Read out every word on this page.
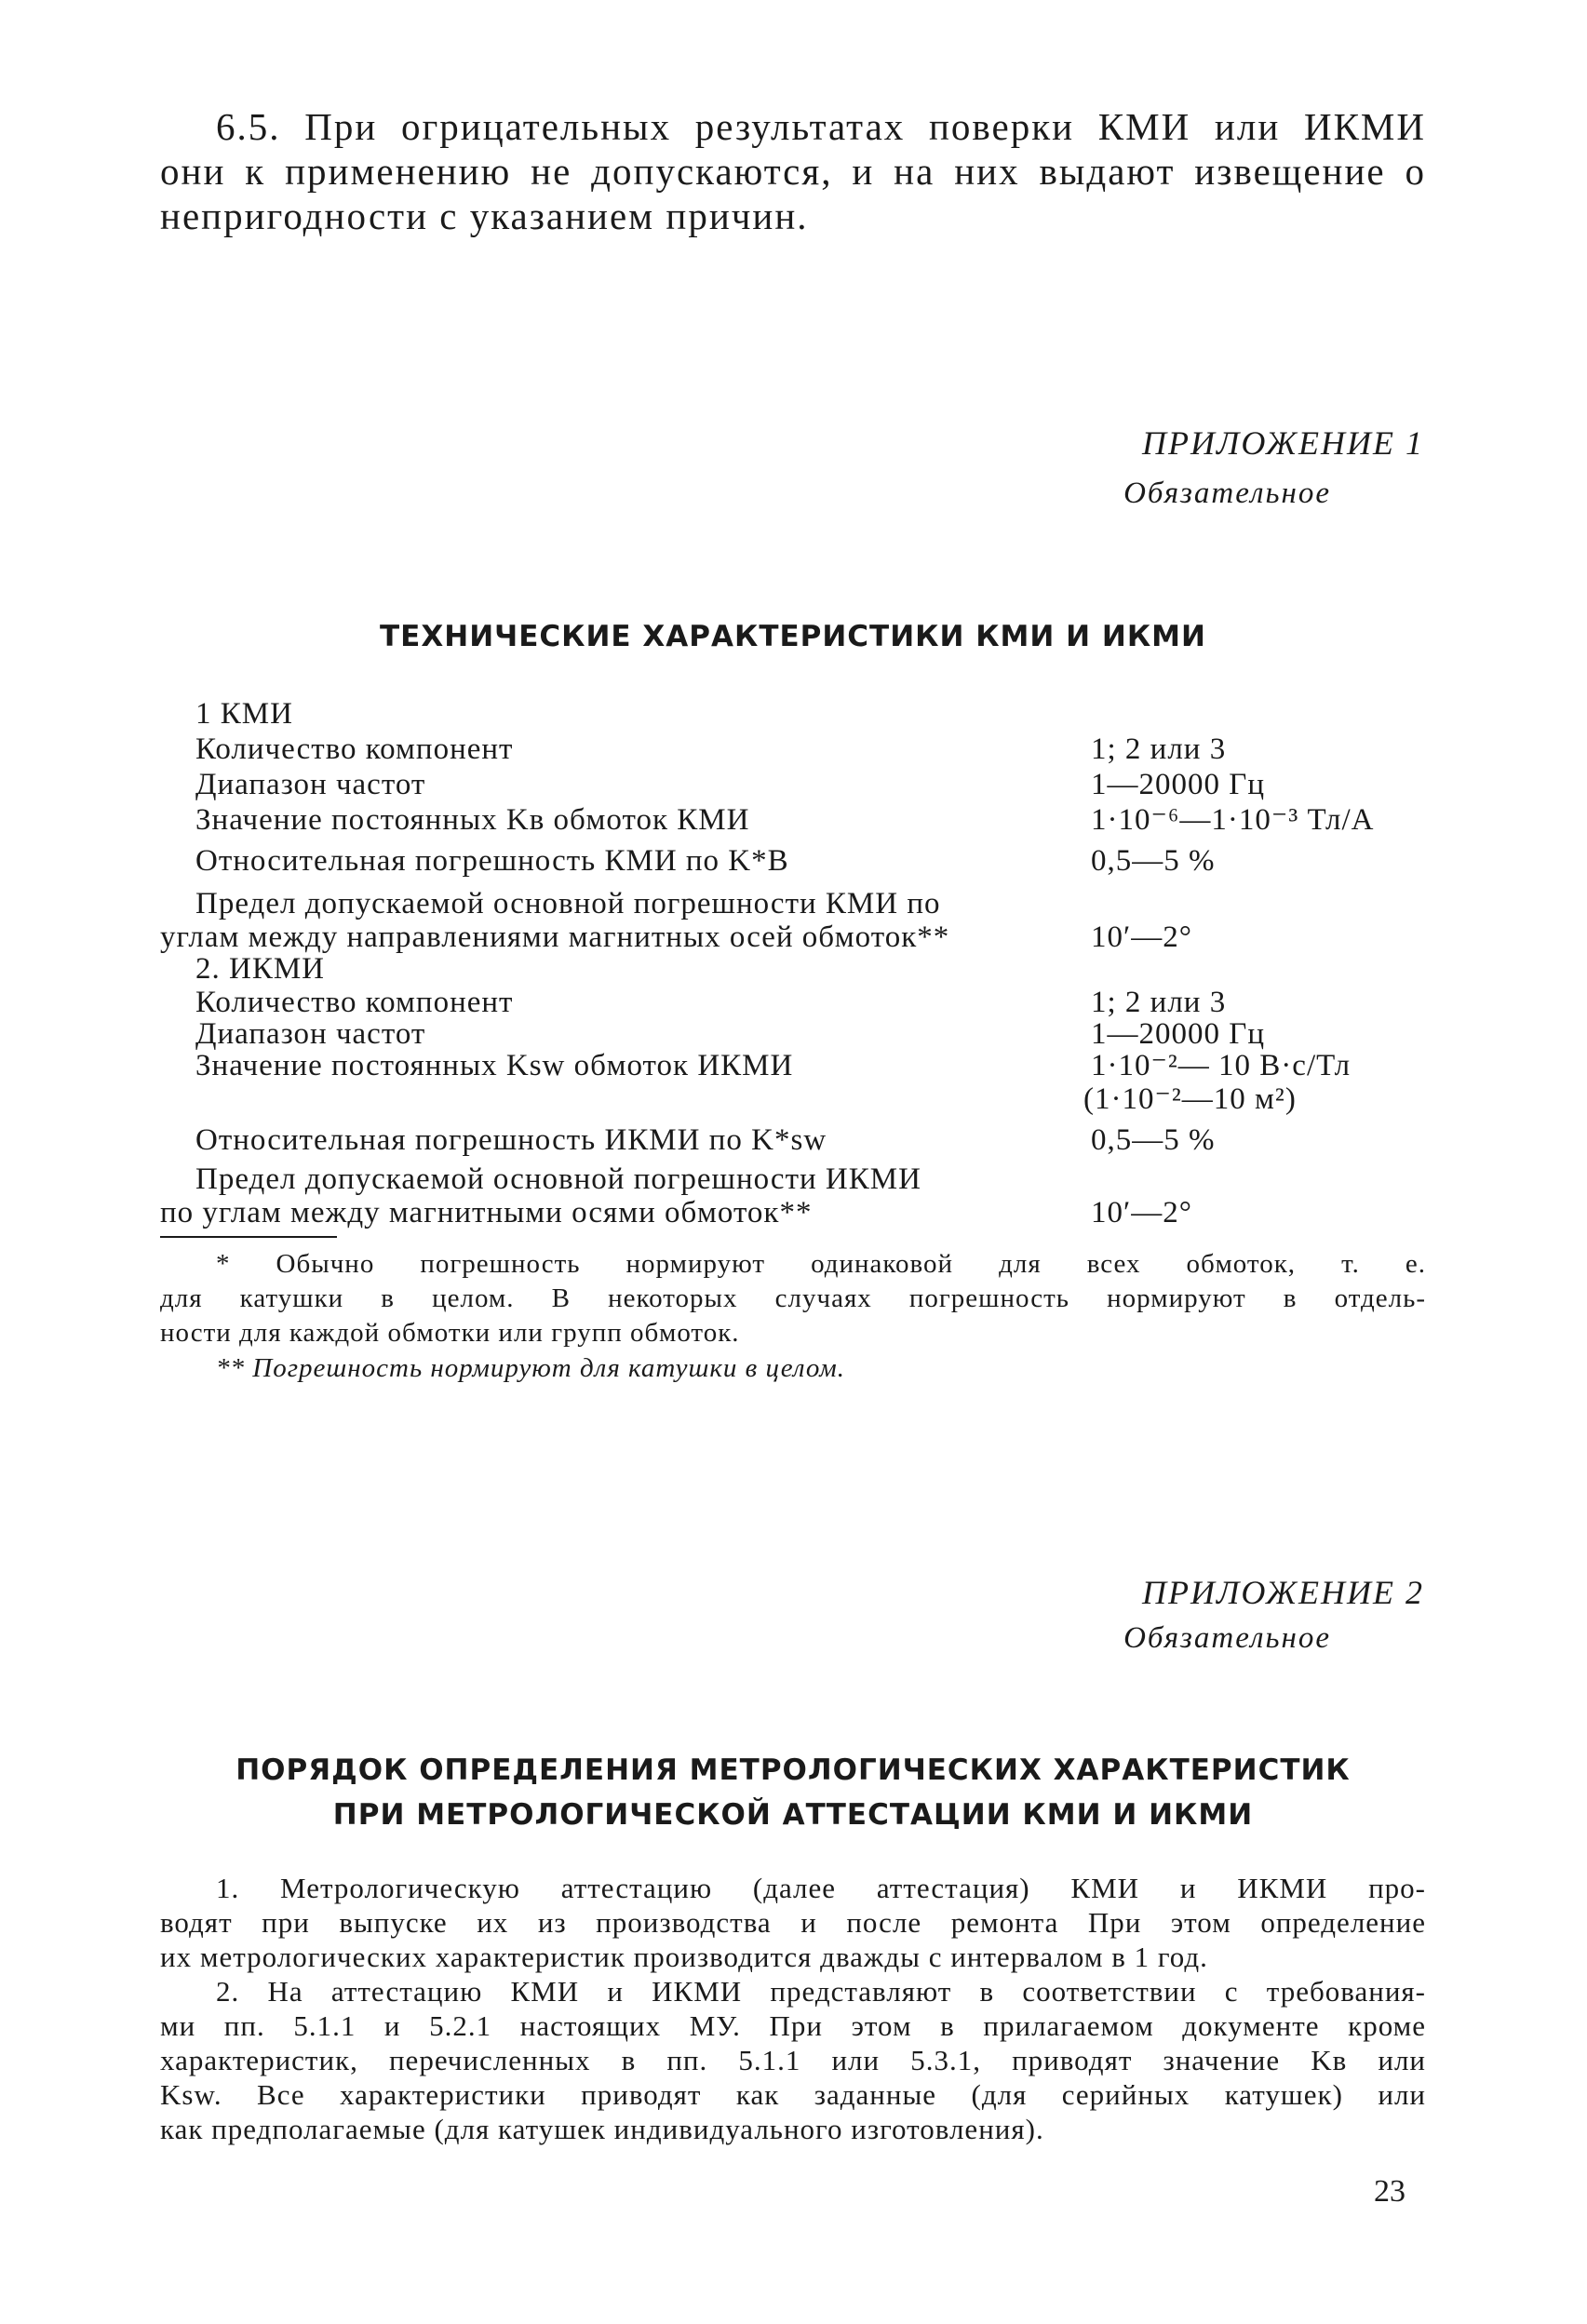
6.5. При огрицательных результатах поверки КМИ или ИКМИ
они к применению не допускаются, и на них выдают извещение о
непригодности с указанием причин.
ПРИЛОЖЕНИЕ 1
Обязательное
ТЕХНИЧЕСКИЕ ХАРАКТЕРИСТИКИ КМИ И ИКМИ
1 КМИ
Количество компонент	1; 2 или 3
Диапазон частот	1—20000 Гц
Значение постоянных Kв обмоток КМИ	1·10⁻⁶—1·10⁻³ Тл/А
Относительная погрешность КМИ по K*B	0,5—5 %
Предел допускаемой основной погрешности КМИ по
углам между направлениями магнитных осей обмоток**	10′—2°
2. ИКМИ
Количество компонент	1; 2 или 3
Диапазон частот	1—20000 Гц
Значение постоянных Ksw обмоток ИКМИ	1·10⁻²— 10 В·с/Тл
(1·10⁻²—10 м²)
Относительная погрешность ИКМИ по K*sw	0,5—5 %
Предел допускаемой основной погрешности ИКМИ
по углам между магнитными осями обмоток**	10′—2°
* Обычно погрешность нормируют одинаковой для всех обмоток, т. е.
для катушки в целом. В некоторых случаях погрешность нормируют в отдель-
ности для каждой обмотки или групп обмоток.
** Погрешность нормируют для катушки в целом.
ПРИЛОЖЕНИЕ 2
Обязательное
ПОРЯДОК ОПРЕДЕЛЕНИЯ МЕТРОЛОГИЧЕСКИХ ХАРАКТЕРИСТИК
ПРИ МЕТРОЛОГИЧЕСКОЙ АТТЕСТАЦИИ КМИ И ИКМИ
1. Метрологическую аттестацию (далее аттестация) КМИ и ИКМИ про-
водят при выпуске их из производства и после ремонта При этом определение
их метрологических характеристик производится дважды с интервалом в 1 год.
2. На аттестацию КМИ и ИКМИ представляют в соответствии с требования-
ми пп. 5.1.1 и 5.2.1 настоящих МУ. При этом в прилагаемом документе кроме
характеристик, перечисленных в пп. 5.1.1 или 5.3.1, приводят значение Kв или
Ksw. Все характеристики приводят как заданные (для серийных катушек) или
как предполагаемые (для катушек индивидуального изготовления).
23
